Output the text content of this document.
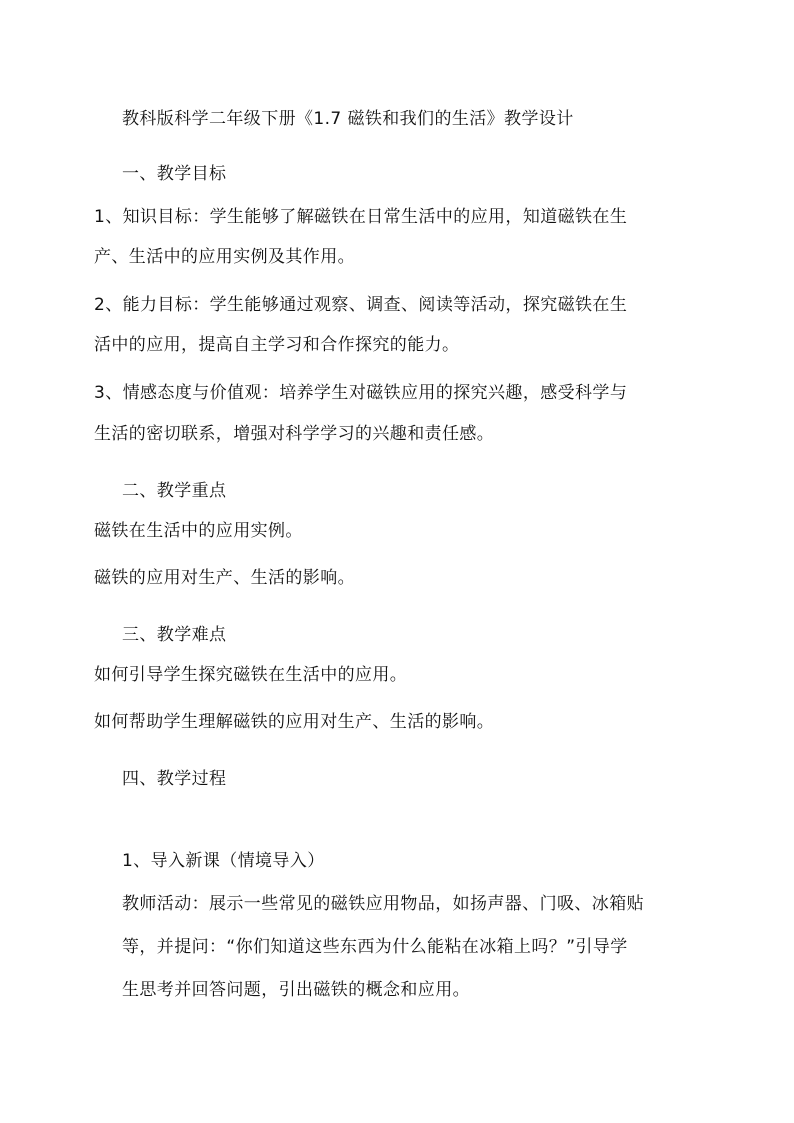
教科版科学二年级下册《1.7 磁铁和我们的生活》教学设计
一、教学目标
1、知识目标：学生能够了解磁铁在日常生活中的应用，知道磁铁在生
产、生活中的应用实例及其作用。
2、能力目标：学生能够通过观察、调查、阅读等活动，探究磁铁在生
活中的应用，提高自主学习和合作探究的能力。
3、情感态度与价值观：培养学生对磁铁应用的探究兴趣，感受科学与
生活的密切联系，增强对科学学习的兴趣和责任感。
二、教学重点
磁铁在生活中的应用实例。
磁铁的应用对生产、生活的影响。
三、教学难点
如何引导学生探究磁铁在生活中的应用。
如何帮助学生理解磁铁的应用对生产、生活的影响。
四、教学过程
1、导入新课（情境导入）
教师活动：展示一些常见的磁铁应用物品，如扬声器、门吸、冰箱贴
等，并提问：“你们知道这些东西为什么能粘在冰箱上吗？”引导学
生思考并回答问题，引出磁铁的概念和应用。
